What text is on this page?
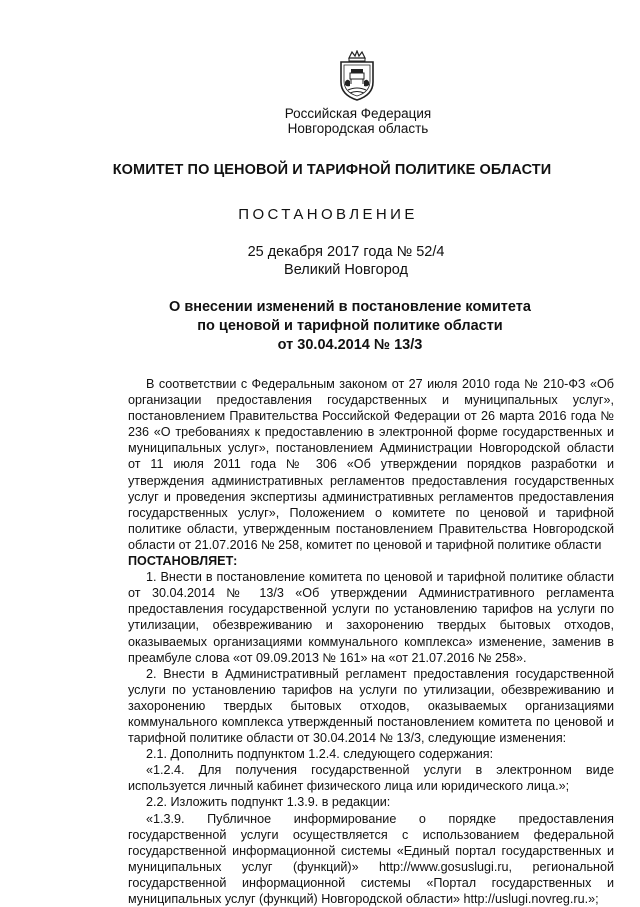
Российская Федерация
Новгородская область
КОМИТЕТ ПО ЦЕНОВОЙ И ТАРИФНОЙ ПОЛИТИКЕ ОБЛАСТИ
ПОСТАНОВЛЕНИЕ
25 декабря 2017 года № 52/4
Великий Новгород
О внесении изменений в постановление комитета
по ценовой и тарифной политике области
от 30.04.2014 № 13/3

В соответствии с Федеральным законом от 27 июля 2010 года № 210-ФЗ «Об организации предоставления государственных и муниципальных услуг», постановлением Правительства Российской Федерации от 26 марта 2016 года № 236 «О требованиях к предоставлению в электронной форме государственных и муниципальных услуг», постановлением Администрации Новгородской области от 11 июля 2011 года № 306 «Об утверждении порядков разработки и утверждения административных регламентов предоставления государственных услуг и проведения экспертизы административных регламентов предоставления государственных услуг», Положением о комитете по ценовой и тарифной политике области, утвержденным постановлением Правительства Новгородской области от 21.07.2016 № 258, комитет по ценовой и тарифной политике области

ПОСТАНОВЛЯЕТ:

1. Внести в постановление комитета по ценовой и тарифной политике области от 30.04.2014 № 13/3 «Об утверждении Административного регламента предоставления государственной услуги по установлению тарифов на услуги по утилизации, обезвреживанию и захоронению твердых бытовых отходов, оказываемых организациями коммунального комплекса» изменение, заменив в преамбуле слова «от 09.09.2013 № 161» на «от 21.07.2016 № 258».

2. Внести в Административный регламент предоставления государственной услуги по установлению тарифов на услуги по утилизации, обезвреживанию и захоронению твердых бытовых отходов, оказываемых организациями коммунального комплекса утвержденный постановлением комитета по ценовой и тарифной политике области от 30.04.2014 № 13/3, следующие изменения:

2.1. Дополнить подпунктом 1.2.4. следующего содержания:

«1.2.4. Для получения государственной услуги в электронном виде используется личный кабинет физического лица или юридического лица.»;

2.2. Изложить подпункт 1.3.9. в редакции:

«1.3.9. Публичное информирование о порядке предоставления государственной услуги осуществляется с использованием федеральной государственной информационной системы «Единый портал государственных и муниципальных услуг (функций)» http://www.gosuslugi.ru, региональной государственной информационной системы «Портал государственных и муниципальных услуг (функций) Новгородской области» http://uslugi.novreg.ru.»;
